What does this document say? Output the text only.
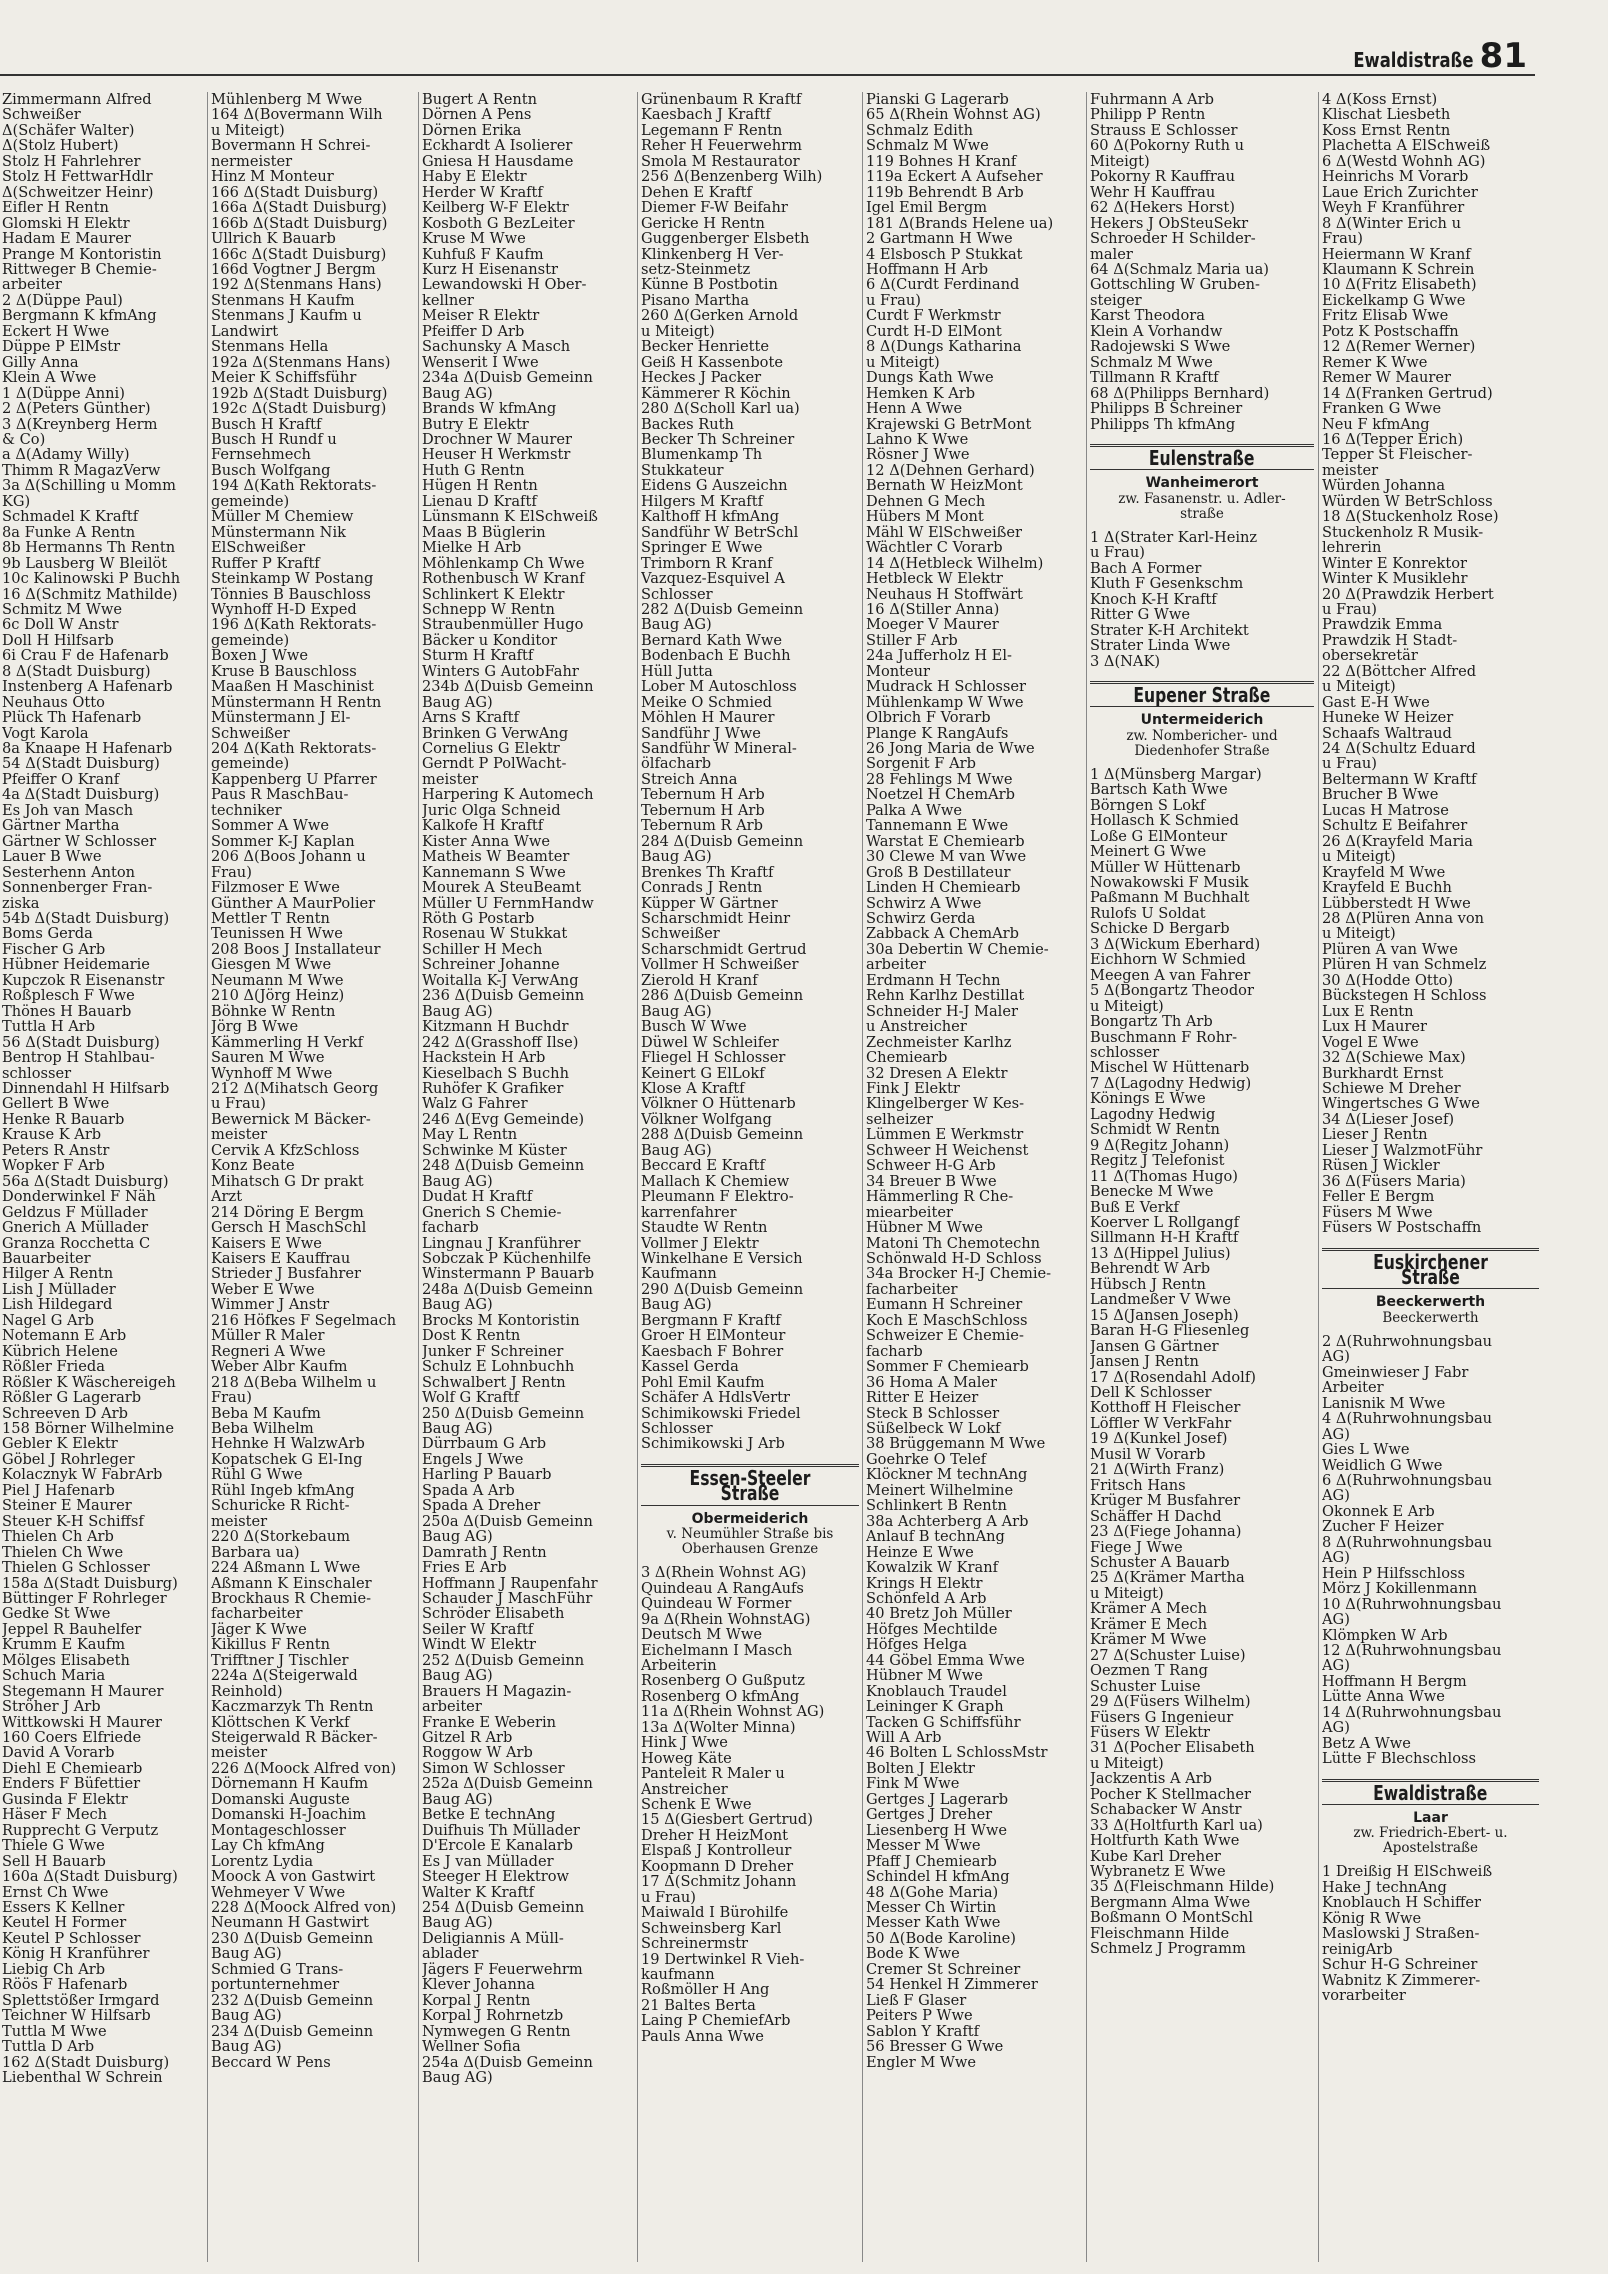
Ewaldistraße 81
Zimmermann Alfred
Schweißer
Δ(Schäfer Walter)
Δ(Stolz Hubert)
Stolz H Fahrlehrer
Stolz H FettwarHdlr
Δ(Schweitzer Heinr)
Eifler H Rentn
Glomski H Elektr
Hadam E Maurer
Prange M Kontoristin
Rittweger B Chemie-
arbeiter
2 Δ(Düppe Paul)
Bergmann K kfmAng
Eckert H Wwe
Düppe P ElMstr
Gilly Anna
Klein A Wwe
1 Δ(Düppe Anni)
2 Δ(Peters Günther)
3 Δ(Kreynberg Herm
& Co)
a Δ(Adamy Willy)
Thimm R MagazVerw
3a Δ(Schilling u Momm
KG)
Schmadel K Kraftf
8a Funke A Rentn
8b Hermanns Th Rentn
9b Lausberg W Bleilöt
10c Kalinowski P Buchh
16 Δ(Schmitz Mathilde)
Schmitz M Wwe
6c Doll W Anstr
Doll H Hilfsarb
6i Crau F de Hafenarb
8 Δ(Stadt Duisburg)
Instenberg A Hafenarb
Neuhaus Otto
Plück Th Hafenarb
Vogt Karola
8a Knaape H Hafenarb
54 Δ(Stadt Duisburg)
Pfeiffer O Kranf
4a Δ(Stadt Duisburg)
Es Joh van Masch
Gärtner Martha
Gärtner W Schlosser
Lauer B Wwe
Sesterhenn Anton
Sonnenberger Fran-
ziska
54b Δ(Stadt Duisburg)
Boms Gerda
Fischer G Arb
Hübner Heidemarie
Kupczok R Eisenanstr
Roßplesch F Wwe
Thönes H Bauarb
Tuttla H Arb
56 Δ(Stadt Duisburg)
Bentrop H Stahlbau-
schlosser
Dinnendahl H Hilfsarb
Gellert B Wwe
Henke R Bauarb
Krause K Arb
Peters R Anstr
Wopker F Arb
56a Δ(Stadt Duisburg)
Donderwinkel F Näh
Geldzus F Müllader
Gnerich A Müllader
Granza Rocchetta C
Bauarbeiter
Hilger A Rentn
Lish J Müllader
Lish Hildegard
Nagel G Arb
Notemann E Arb
Kübrich Helene
Rößler Frieda
Rößler K Wäschereigeh
Rößler G Lagerarb
Schreeven D Arb
158 Börner Wilhelmine
Gebler K Elektr
Göbel J Rohrleger
Kolacznyk W FabrArb
Piel J Hafenarb
Steiner E Maurer
Steuer K-H Schiffsf
Thielen Ch Arb
Thielen Ch Wwe
Thielen G Schlosser
158a Δ(Stadt Duisburg)
Büttinger F Rohrleger
Gedke St Wwe
Jeppel R Bauhelfer
Krumm E Kaufm
Mölges Elisabeth
Schuch Maria
Stegemann H Maurer
Ströher J Arb
Wittkowski H Maurer
160 Coers Elfriede
David A Vorarb
Diehl E Chemiearb
Enders F Büfettier
Gusinda F Elektr
Häser F Mech
Rupprecht G Verputz
Thiele G Wwe
Sell H Bauarb
160a Δ(Stadt Duisburg)
Ernst Ch Wwe
Essers K Kellner
Keutel H Former
Keutel P Schlosser
König H Kranführer
Liebig Ch Arb
Röös F Hafenarb
Splettstößer Irmgard
Teichner W Hilfsarb
Tuttla M Wwe
Tuttla D Arb
162 Δ(Stadt Duisburg)
Liebenthal W Schrein
Mühlenberg M Wwe
164 Δ(Bovermann Wilh
u Miteigt)
Bovermann H Schrei-
nermeister
Hinz M Monteur
166 Δ(Stadt Duisburg)
166a Δ(Stadt Duisburg)
166b Δ(Stadt Duisburg)
Ullrich K Bauarb
166c Δ(Stadt Duisburg)
166d Vogtner J Bergm
192 Δ(Stenmans Hans)
Stenmans H Kaufm
Stenmans J Kaufm u
Landwirt
Stenmans Hella
192a Δ(Stenmans Hans)
Meier K Schiffsführ
192b Δ(Stadt Duisburg)
192c Δ(Stadt Duisburg)
Busch H Kraftf
Busch H Rundf u
Fernsehmech
Busch Wolfgang
194 Δ(Kath Rektorats-
gemeinde)
Müller M Chemiew
Münstermann Nik
ElSchweißer
Ruffer P Kraftf
Steinkamp W Postang
Tönnies B Bauschloss
Wynhoff H-D Exped
196 Δ(Kath Rektorats-
gemeinde)
Boxen J Wwe
Kruse B Bauschloss
Maaßen H Maschinist
Münstermann H Rentn
Münstermann J El-
Schweißer
204 Δ(Kath Rektorats-
gemeinde)
Kappenberg U Pfarrer
Paus R MaschBau-
techniker
Sommer A Wwe
Sommer K-J Kaplan
206 Δ(Boos Johann u
Frau)
Filzmoser E Wwe
Günther A MaurPolier
Mettler T Rentn
Teunissen H Wwe
208 Boos J Installateur
Giesgen M Wwe
Neumann M Wwe
210 Δ(Jörg Heinz)
Böhnke W Rentn
Jörg B Wwe
Kämmerling H Verkf
Sauren M Wwe
Wynhoff M Wwe
212 Δ(Mihatsch Georg
u Frau)
Bewernick M Bäcker-
meister
Cervik A KfzSchloss
Konz Beate
Mihatsch G Dr prakt
Arzt
214 Döring E Bergm
Gersch H MaschSchl
Kaisers E Wwe
Kaisers E Kauffrau
Strieder J Busfahrer
Weber E Wwe
Wimmer J Anstr
216 Höfkes F Segelmach
Müller R Maler
Regneri A Wwe
Weber Albr Kaufm
218 Δ(Beba Wilhelm u
Frau)
Beba M Kaufm
Beba Wilhelm
Hehnke H WalzwArb
Kopatschek G El-Ing
Rühl G Wwe
Rühl Ingeb kfmAng
Schuricke R Richt-
meister
220 Δ(Storkebaum
Barbara ua)
224 Aßmann L Wwe
Aßmann K Einschaler
Brockhaus R Chemie-
facharbeiter
Jäger K Wwe
Kikillus F Rentn
Trifftner J Tischler
224a Δ(Steigerwald
Reinhold)
Kaczmarzyk Th Rentn
Klöttschen K Verkf
Steigerwald R Bäcker-
meister
226 Δ(Moock Alfred von)
Dörnemann H Kaufm
Domanski Auguste
Domanski H-Joachim
Montageschlosser
Lay Ch kfmAng
Lorentz Lydia
Moock A von Gastwirt
Wehmeyer V Wwe
228 Δ(Moock Alfred von)
Neumann H Gastwirt
230 Δ(Duisb Gemeinn
Baug AG)
Schmied G Trans-
portunternehmer
232 Δ(Duisb Gemeinn
Baug AG)
234 Δ(Duisb Gemeinn
Baug AG)
Beccard W Pens
Bugert A Rentn
Dörnen A Pens
Dörnen Erika
Eckhardt A Isolierer
Gniesa H Hausdame
Haby E Elektr
Herder W Kraftf
Keilberg W-F Elektr
Kosboth G BezLeiter
Kruse M Wwe
Kuhfuß F Kaufm
Kurz H Eisenanstr
Lewandowski H Ober-
kellner
Meiser R Elektr
Pfeiffer D Arb
Sachunsky A Masch
Wenserit I Wwe
234a Δ(Duisb Gemeinn
Baug AG)
Brands W kfmAng
Butry E Elektr
Drochner W Maurer
Heuser H Werkmstr
Huth G Rentn
Hügen H Rentn
Lienau D Kraftf
Lünsmann K ElSchweiß
Maas B Büglerin
Mielke H Arb
Möhlenkamp Ch Wwe
Rothenbusch W Kranf
Schlinkert K Elektr
Schnepp W Rentn
Straubenmüller Hugo
Bäcker u Konditor
Sturm H Kraftf
Winters G AutobFahr
234b Δ(Duisb Gemeinn
Baug AG)
Arns S Kraftf
Brinken G VerwAng
Cornelius G Elektr
Gerndt P PolWacht-
meister
Harpering K Automech
Juric Olga Schneid
Kalkofe H Kraftf
Kister Anna Wwe
Matheis W Beamter
Kannemann S Wwe
Mourek A SteuBeamt
Müller U FernmHandw
Röth G Postarb
Rosenau W Stukkat
Schiller H Mech
Schreiner Johanne
Woitalla K-J VerwAng
236 Δ(Duisb Gemeinn
Baug AG)
Kitzmann H Buchdr
242 Δ(Grasshoff Ilse)
Hackstein H Arb
Kieselbach S Buchh
Ruhöfer K Grafiker
Walz G Fahrer
246 Δ(Evg Gemeinde)
May L Rentn
Schwinke M Küster
248 Δ(Duisb Gemeinn
Baug AG)
Dudat H Kraftf
Gnerich S Chemie-
facharb
Lingnau J Kranführer
Sobczak P Küchenhilfe
Winstermann P Bauarb
248a Δ(Duisb Gemeinn
Baug AG)
Brocks M Kontoristin
Dost K Rentn
Junker F Schreiner
Schulz E Lohnbuchh
Schwalbert J Rentn
Wolf G Kraftf
250 Δ(Duisb Gemeinn
Baug AG)
Dürrbaum G Arb
Engels J Wwe
Harling P Bauarb
Spada A Arb
Spada A Dreher
250a Δ(Duisb Gemeinn
Baug AG)
Damrath J Rentn
Fries E Arb
Hoffmann J Raupenfahr
Schauder J MaschFühr
Schröder Elisabeth
Seiler W Kraftf
Windt W Elektr
252 Δ(Duisb Gemeinn
Baug AG)
Brauers H Magazin-
arbeiter
Franke E Weberin
Gitzel R Arb
Roggow W Arb
Simon W Schlosser
252a Δ(Duisb Gemeinn
Baug AG)
Betke E technAng
Duifhuis Th Müllader
D'Ercole E Kanalarb
Es J van Müllader
Steeger H Elektrow
Walter K Kraftf
254 Δ(Duisb Gemeinn
Baug AG)
Deligiannis A Müll-
ablader
Jägers F Feuerwehrm
Klever Johanna
Korpal J Rentn
Korpal J Rohrnetzb
Nymwegen G Rentn
Wellner Sofia
254a Δ(Duisb Gemeinn
Baug AG)
Grünenbaum R Kraftf
Kaesbach J Kraftf
Legemann F Rentn
Reher H Feuerwehrm
Smola M Restaurator
256 Δ(Benzenberg Wilh)
Dehen E Kraftf
Diemer F-W Beifahr
Gericke H Rentn
Guggenberger Elsbeth
Klinkenberg H Ver-
setz-Steinmetz
Künne B Postbotin
Pisano Martha
260 Δ(Gerken Arnold
u Miteigt)
Becker Henriette
Geiß H Kassenbote
Heckes J Packer
Kämmerer R Köchin
280 Δ(Scholl Karl ua)
Backes Ruth
Becker Th Schreiner
Blumenkamp Th
Stukkateur
Eidens G Auszeichn
Hilgers M Kraftf
Kalthoff H kfmAng
Sandführ W BetrSchl
Springer E Wwe
Trimborn R Kranf
Vazquez-Esquivel A
Schlosser
282 Δ(Duisb Gemeinn
Baug AG)
Bernard Kath Wwe
Bodenbach E Buchh
Hüll Jutta
Lober M Autoschloss
Meike O Schmied
Möhlen H Maurer
Sandführ J Wwe
Sandführ W Mineral-
ölfacharb
Streich Anna
Tebernum H Arb
Tebernum H Arb
Tebernum R Arb
284 Δ(Duisb Gemeinn
Baug AG)
Brenkes Th Kraftf
Conrads J Rentn
Küpper W Gärtner
Scharschmidt Heinr
Schweißer
Scharschmidt Gertrud
Vollmer H Schweißer
Zierold H Kranf
286 Δ(Duisb Gemeinn
Baug AG)
Busch W Wwe
Düwel W Schleifer
Fliegel H Schlosser
Keinert G ElLokf
Klose A Kraftf
Völkner O Hüttenarb
Völkner Wolfgang
288 Δ(Duisb Gemeinn
Baug AG)
Beccard E Kraftf
Mallach K Chemiew
Pleumann F Elektro-
karrenfahrer
Staudte W Rentn
Vollmer J Elektr
Winkelhane E Versich
Kaufmann
290 Δ(Duisb Gemeinn
Baug AG)
Bergmann F Kraftf
Groer H ElMonteur
Kaesbach F Bohrer
Kassel Gerda
Pohl Emil Kaufm
Schäfer A HdlsVertr
Schimikowski Friedel
Schlosser
Schimikowski J Arb
Essen-Steeler Straße
Obermeiderich
v. Neumühler Straße bis
Oberhausen Grenze
3 Δ(Rhein Wohnst AG)
Quindeau A RangAufs
Quindeau W Former
9a Δ(Rhein WohnstAG)
Deutsch M Wwe
Eichelmann I Masch
Arbeiterin
Rosenberg O Gußputz
Rosenberg O kfmAng
11a Δ(Rhein Wohnst AG)
13a Δ(Wolter Minna)
Hink J Wwe
Howeg Käte
Panteleit R Maler u
Anstreicher
Schenk E Wwe
15 Δ(Giesbert Gertrud)
Dreher H HeizMont
Elspaß J Kontrolleur
Koopmann D Dreher
17 Δ(Schmitz Johann
u Frau)
Maiwald I Bürohilfe
Schweinsberg Karl
Schreinermstr
19 Dertwinkel R Vieh-
kaufmann
Roßmöller H Ang
21 Baltes Berta
Laing P ChemiefArb
Pauls Anna Wwe
Pianski G Lagerarb
65 Δ(Rhein Wohnst AG)
Schmalz Edith
Schmalz M Wwe
119 Bohnes H Kranf
119a Eckert A Aufseher
119b Behrendt B Arb
Igel Emil Bergm
181 Δ(Brands Helene ua)
2 Gartmann H Wwe
4 Elsbosch P Stukkat
Hoffmann H Arb
6 Δ(Curdt Ferdinand
u Frau)
Curdt F Werkmstr
Curdt H-D ElMont
8 Δ(Dungs Katharina
u Miteigt)
Dungs Kath Wwe
Hemken K Arb
Henn A Wwe
Krajewski G BetrMont
Lahno K Wwe
Rösner J Wwe
12 Δ(Dehnen Gerhard)
Bernath W HeizMont
Dehnen G Mech
Hübers M Mont
Mähl W ElSchweißer
Wächtler C Vorarb
14 Δ(Hetbleck Wilhelm)
Hetbleck W Elektr
Neuhaus H Stoffwärt
16 Δ(Stiller Anna)
Moeger V Maurer
Stiller F Arb
24a Jufferholz H El-
Monteur
Mudrack H Schlosser
Mühlenkamp W Wwe
Olbrich F Vorarb
Plange K RangAufs
26 Jong Maria de Wwe
Sorgenit F Arb
28 Fehlings M Wwe
Noetzel H ChemArb
Palka A Wwe
Tannemann E Wwe
Warstat E Chemiearb
30 Clewe M van Wwe
Groß B Destillateur
Linden H Chemiearb
Schwirz A Wwe
Schwirz Gerda
Zabback A ChemArb
30a Debertin W Chemie-
arbeiter
Erdmann H Techn
Rehn Karlhz Destillat
Schneider H-J Maler
u Anstreicher
Zechmeister Karlhz
Chemiearb
32 Dresen A Elektr
Fink J Elektr
Klingelberger W Kes-
selheizer
Lümmen E Werkmstr
Schweer H Weichenst
Schweer H-G Arb
34 Breuer B Wwe
Hämmerling R Che-
miearbeiter
Hübner M Wwe
Matoni Th Chemotechn
Schönwald H-D Schloss
34a Brocker H-J Chemie-
facharbeiter
Eumann H Schreiner
Koch E MaschSchloss
Schweizer E Chemie-
facharb
Sommer F Chemiearb
36 Homa A Maler
Ritter E Heizer
Steck B Schlosser
Süßelbeck W Lokf
38 Brüggemann M Wwe
Goehrke O Telef
Klöckner M technAng
Meinert Wilhelmine
Schlinkert B Rentn
38a Achterberg A Arb
Anlauf B technAng
Heinze E Wwe
Kowalzik W Kranf
Krings H Elektr
Schönfeld A Arb
40 Bretz Joh Müller
Höfges Mechtilde
Höfges Helga
44 Göbel Emma Wwe
Hübner M Wwe
Knoblauch Traudel
Leininger K Graph
Tacken G Schiffsführ
Will A Arb
46 Bolten L SchlossMstr
Bolten J Elektr
Fink M Wwe
Gertges J Lagerarb
Gertges J Dreher
Liesenberg H Wwe
Messer M Wwe
Pfaff J Chemiearb
Schindel H kfmAng
48 Δ(Gohe Maria)
Messer Ch Wirtin
Messer Kath Wwe
50 Δ(Bode Karoline)
Bode K Wwe
Cremer St Schreiner
54 Henkel H Zimmerer
Ließ F Glaser
Peiters P Wwe
Sablon Y Kraftf
56 Bresser G Wwe
Engler M Wwe
Fuhrmann A Arb
Philipp P Rentn
Strauss E Schlosser
60 Δ(Pokorny Ruth u
Miteigt)
Pokorny R Kauffrau
Wehr H Kauffrau
62 Δ(Hekers Horst)
Hekers J ObSteuSekr
Schroeder H Schilder-
maler
64 Δ(Schmalz Maria ua)
Gottschling W Gruben-
steiger
Karst Theodora
Klein A Vorhandw
Radojewski S Wwe
Schmalz M Wwe
Tillmann R Kraftf
68 Δ(Philipps Bernhard)
Philipps B Schreiner
Philipps Th kfmAng
Eulenstraße
Wanheimerort
zw. Fasanenstr. u. Adler-
straße
1 Δ(Strater Karl-Heinz
u Frau)
Bach A Former
Kluth F Gesenkschm
Knoch K-H Kraftf
Ritter G Wwe
Strater K-H Architekt
Strater Linda Wwe
3 Δ(NAK)
Eupener Straße
Untermeiderich
zw. Nombericher- und
Diedenhofer Straße
1 Δ(Münsberg Margar)
Bartsch Kath Wwe
Börngen S Lokf
Hollasch K Schmied
Loße G ElMonteur
Meinert G Wwe
Müller W Hüttenarb
Nowakowski F Musik
Paßmann M Buchhalt
Rulofs U Soldat
Schicke D Bergarb
3 Δ(Wickum Eberhard)
Eichhorn W Schmied
Meegen A van Fahrer
5 Δ(Bongartz Theodor
u Miteigt)
Bongartz Th Arb
Buschmann F Rohr-
schlosser
Mischel W Hüttenarb
7 Δ(Lagodny Hedwig)
Könings E Wwe
Lagodny Hedwig
Schmidt W Rentn
9 Δ(Regitz Johann)
Regitz J Telefonist
11 Δ(Thomas Hugo)
Benecke M Wwe
Buß E Verkf
Koerver L Rollgangf
Sillmann H-H Kraftf
13 Δ(Hippel Julius)
Behrendt W Arb
Hübsch J Rentn
Landmeßer V Wwe
15 Δ(Jansen Joseph)
Baran H-G Fliesenleg
Jansen G Gärtner
Jansen J Rentn
17 Δ(Rosendahl Adolf)
Dell K Schlosser
Kotthoff H Fleischer
Löffler W VerkFahr
19 Δ(Kunkel Josef)
Musil W Vorarb
21 Δ(Wirth Franz)
Fritsch Hans
Krüger M Busfahrer
Schäffer H Dachd
23 Δ(Fiege Johanna)
Fiege J Wwe
Schuster A Bauarb
25 Δ(Krämer Martha
u Miteigt)
Krämer A Mech
Krämer E Mech
Krämer M Wwe
27 Δ(Schuster Luise)
Oezmen T Rang
Schuster Luise
29 Δ(Füsers Wilhelm)
Füsers G Ingenieur
Füsers W Elektr
31 Δ(Pocher Elisabeth
u Miteigt)
Jackzentis A Arb
Pocher K Stellmacher
Schabacker W Anstr
33 Δ(Holtfurth Karl ua)
Holtfurth Kath Wwe
Kube Karl Dreher
Wybranetz E Wwe
35 Δ(Fleischmann Hilde)
Bergmann Alma Wwe
Boßmann O MontSchl
Fleischmann Hilde
Schmelz J Programm
4 Δ(Koss Ernst)
Klischat Liesbeth
Koss Ernst Rentn
Plachetta A ElSchweiß
6 Δ(Westd Wohnh AG)
Heinrichs M Vorarb
Laue Erich Zurichter
Weyh F Kranführer
8 Δ(Winter Erich u
Frau)
Heiermann W Kranf
Klaumann K Schrein
10 Δ(Fritz Elisabeth)
Eickelkamp G Wwe
Fritz Elisab Wwe
Potz K Postschaffn
12 Δ(Remer Werner)
Remer K Wwe
Remer W Maurer
14 Δ(Franken Gertrud)
Franken G Wwe
Neu F kfmAng
16 Δ(Tepper Erich)
Tepper St Fleischer-
meister
Würden Johanna
Würden W BetrSchloss
18 Δ(Stuckenholz Rose)
Stuckenholz R Musik-
lehrerin
Winter E Konrektor
Winter K Musiklehr
20 Δ(Prawdzik Herbert
u Frau)
Prawdzik Emma
Prawdzik H Stadt-
obersekretär
22 Δ(Böttcher Alfred
u Miteigt)
Gast E-H Wwe
Huneke W Heizer
Schaafs Waltraud
24 Δ(Schultz Eduard
u Frau)
Beltermann W Kraftf
Brucher B Wwe
Lucas H Matrose
Schultz E Beifahrer
26 Δ(Krayfeld Maria
u Miteigt)
Krayfeld M Wwe
Krayfeld E Buchh
Lübberstedt H Wwe
28 Δ(Plüren Anna von
u Miteigt)
Plüren A van Wwe
Plüren H van Schmelz
30 Δ(Hodde Otto)
Bückstegen H Schloss
Lux E Rentn
Lux H Maurer
Vogel E Wwe
32 Δ(Schiewe Max)
Burkhardt Ernst
Schiewe M Dreher
Wingertsches G Wwe
34 Δ(Lieser Josef)
Lieser J Rentn
Lieser J WalzmotFühr
Rüsen J Wickler
36 Δ(Füsers Maria)
Feller E Bergm
Füsers M Wwe
Füsers W Postschaffn
Euskirchener Straße
Beeckerwerth
Beeckerwerth
2 Δ(Ruhrwohnungsbau
AG)
Gmeinwieser J Fabr
Arbeiter
Lanisnik M Wwe
4 Δ(Ruhrwohnungsbau
AG)
Gies L Wwe
Weidlich G Wwe
6 Δ(Ruhrwohnungsbau
AG)
Okonnek E Arb
Zucher F Heizer
8 Δ(Ruhrwohnungsbau
AG)
Hein P Hilfsschloss
Mörz J Kokillenmann
10 Δ(Ruhrwohnungsbau
AG)
Klömpken W Arb
12 Δ(Ruhrwohnungsbau
AG)
Hoffmann H Bergm
Lütte Anna Wwe
14 Δ(Ruhrwohnungsbau
AG)
Betz A Wwe
Lütte F Blechschloss
Ewaldistraße
Laar
zw. Friedrich-Ebert- u.
Apostelstraße
1 Dreißig H ElSchweiß
Hake J technAng
Knoblauch H Schiffer
König R Wwe
Maslowski J Straßen-
reinigArb
Schur H-G Schreiner
Wabnitz K Zimmerer-
vorarbeiter
